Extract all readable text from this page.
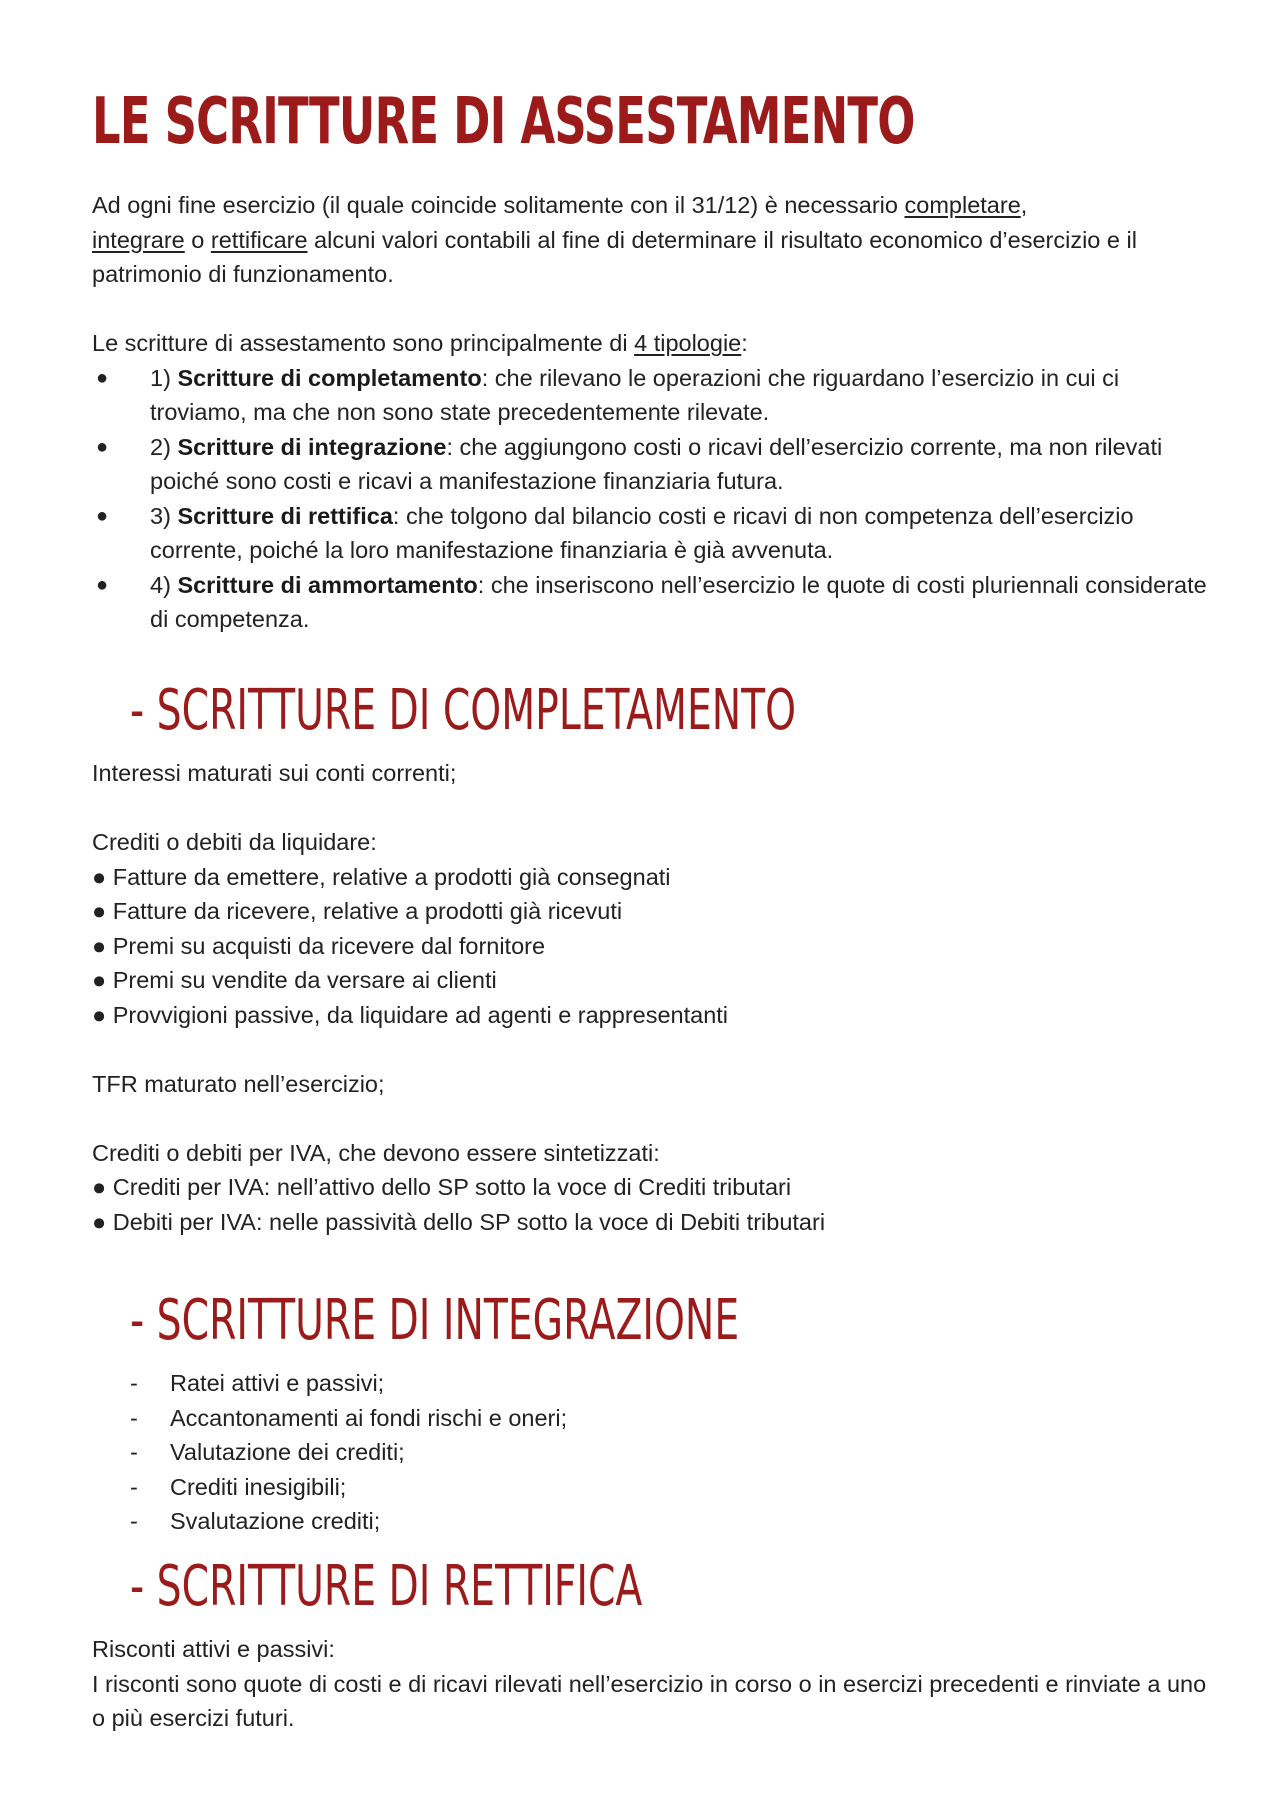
LE SCRITTURE DI ASSESTAMENTO

Ad ogni fine esercizio (il quale coincide solitamente con il 31/12) è necessario completare,
integrare o rettificare alcuni valori contabili al fine di determinare il risultato economico d’esercizio e il patrimonio di funzionamento.

Le scritture di assestamento sono principalmente di 4 tipologie:

● 1) Scritture di completamento: che rilevano le operazioni che riguardano l’esercizio in cui ci troviamo, ma che non sono state precedentemente rilevate.
● 2) Scritture di integrazione: che aggiungono costi o ricavi dell’esercizio corrente, ma non rilevati poiché sono costi e ricavi a manifestazione finanziaria futura.
● 3) Scritture di rettifica: che tolgono dal bilancio costi e ricavi di non competenza dell’esercizio corrente, poiché la loro manifestazione finanziaria è già avvenuta.
● 4) Scritture di ammortamento: che inseriscono nell’esercizio le quote di costi pluriennali considerate di competenza.
- SCRITTURE DI COMPLETAMENTO

Interessi maturati sui conti correnti;

Crediti o debiti da liquidare:

● Fatture da emettere, relative a prodotti già consegnati
● Fatture da ricevere, relative a prodotti già ricevuti
● Premi su acquisti da ricevere dal fornitore
● Premi su vendite da versare ai clienti
● Provvigioni passive, da liquidare ad agenti e rappresentanti

TFR maturato nell’esercizio;

Crediti o debiti per IVA, che devono essere sintetizzati:

● Crediti per IVA: nell’attivo dello SP sotto la voce di Crediti tributari
● Debiti per IVA: nelle passività dello SP sotto la voce di Debiti tributari
- SCRITTURE DI INTEGRAZIONE
- Ratei attivi e passivi;
- Accantonamenti ai fondi rischi e oneri;
- Valutazione dei crediti;
- Crediti inesigibili;
- Svalutazione crediti;
- SCRITTURE DI RETTIFICA

Risconti attivi e passivi:

I risconti sono quote di costi e di ricavi rilevati nell’esercizio in corso o in esercizi precedenti e rinviate a uno o più esercizi futuri.
